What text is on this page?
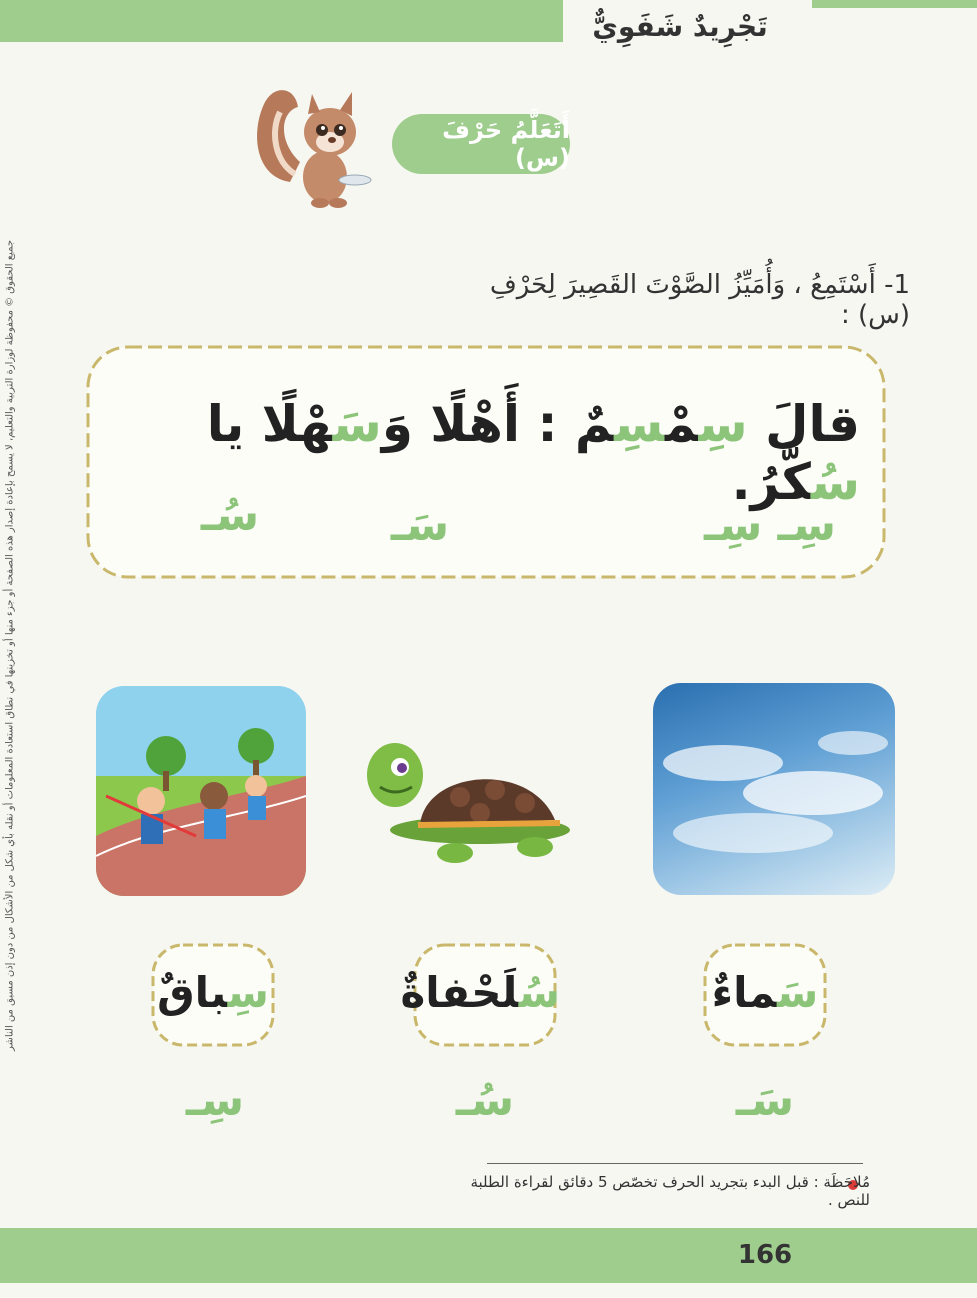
تَجْرِيدٌ شَفَوِيٌّ
أَتَعَلَّمُ حَرْفَ (س)
1- أَسْتَمِعُ ، وَأُمَيِّزُ الصَّوْتَ القَصِيرَ لِحَرْفِ (س) :
قالَ سِمْسِمٌ : أَهْلًا وَسَهْلًا يا سُكَّرُ.
سِـ سِـ
سَـ
سُـ
سَماءٌ
سُلَحْفاةٌ
سِباقٌ
سَـ
سُـ
سِـ
مُلاحَظَة : قبل البدء بتجريد الحرف تخصّص 5 دقائق لقراءة الطلبة للنص .
166
جميع الحقوق © محفوظة لوزارة التربية والتعليم، لا يسمح بإعادة إصدار هذه الصفحة أو جزء منها أو تخزينها في نطاق استعادة المعلومات أو نقله بأي شكل من الأشكال من دون إذن مسبق من الناشر
